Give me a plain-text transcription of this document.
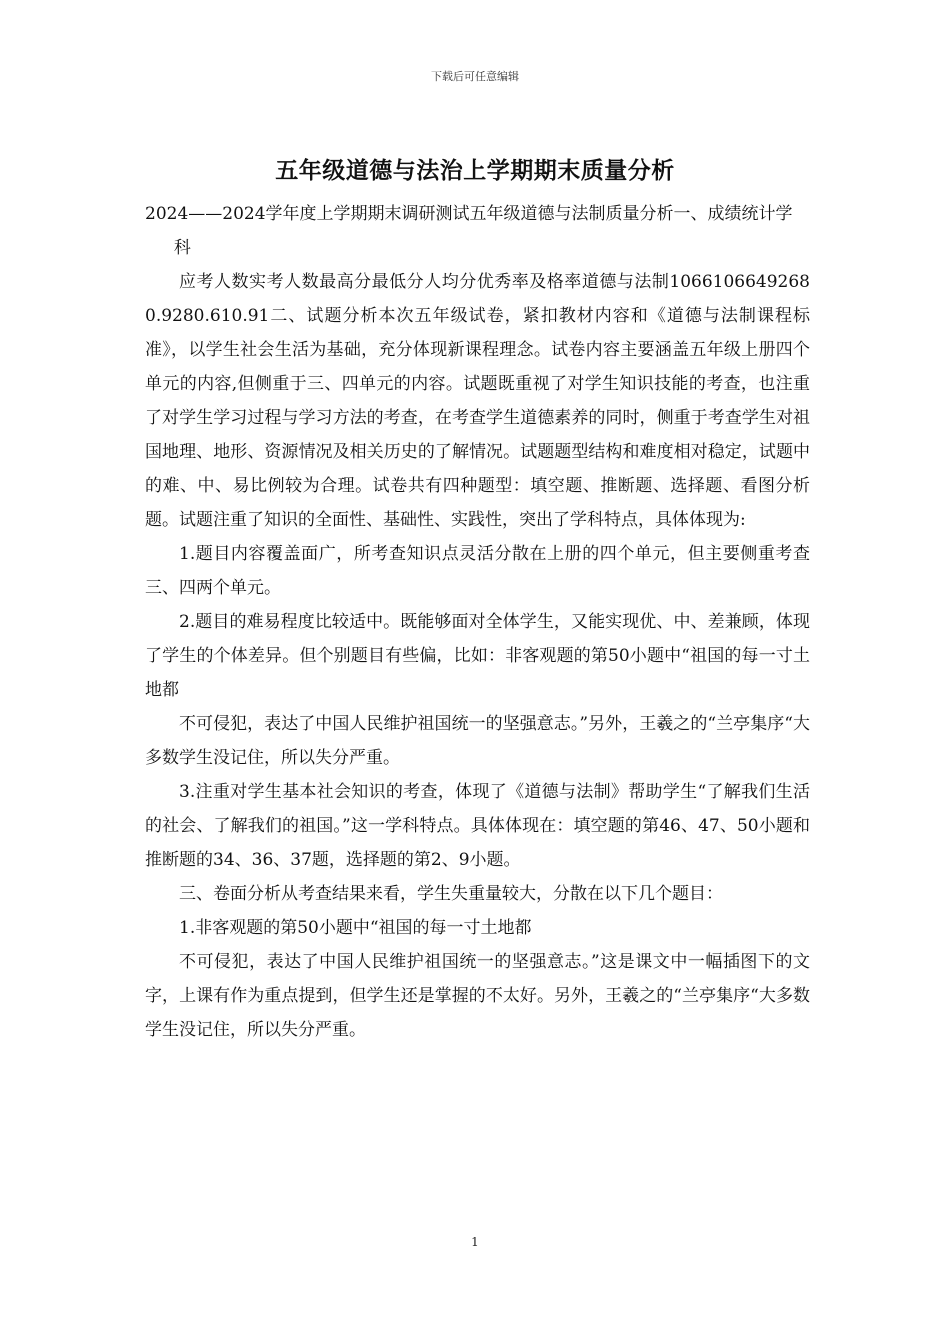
下载后可任意编辑
五年级道德与法治上学期期末质量分析

2024——2024学年度上学期期末调研测试五年级道德与法制质量分析一、成绩统计学

科

应考人数实考人数最高分最低分人均分优秀率及格率道德与法制10661066492680.9280.610.91二、试题分析本次五年级试卷，紧扣教材内容和《道德与法制课程标准》，以学生社会生活为基础，充分体现新课程理念。试卷内容主要涵盖五年级上册四个单元的内容,但侧重于三、四单元的内容。试题既重视了对学生知识技能的考查，也注重了对学生学习过程与学习方法的考查，在考查学生道德素养的同时，侧重于考查学生对祖国地理、地形、资源情况及相关历史的了解情况。试题题型结构和难度相对稳定，试题中的难、中、易比例较为合理。试卷共有四种题型：填空题、推断题、选择题、看图分析题。试题注重了知识的全面性、基础性、实践性，突出了学科特点，具体体现为:

1.题目内容覆盖面广，所考查知识点灵活分散在上册的四个单元，但主要侧重考查三、四两个单元。

2.题目的难易程度比较适中。既能够面对全体学生，又能实现优、中、差兼顾，体现了学生的个体差异。但个别题目有些偏，比如：非客观题的第50小题中“祖国的每一寸土地都

不可侵犯，表达了中国人民维护祖国统一的坚强意志。”另外，王羲之的“兰亭集序“大多数学生没记住，所以失分严重。

3.注重对学生基本社会知识的考查，体现了《道德与法制》帮助学生“了解我们生活的社会、了解我们的祖国。”这一学科特点。具体体现在：填空题的第46、47、50小题和推断题的34、36、37题，选择题的第2、9小题。

三、卷面分析从考查结果来看，学生失重量较大，分散在以下几个题目：

1.非客观题的第50小题中“祖国的每一寸土地都

不可侵犯，表达了中国人民维护祖国统一的坚强意志。”这是课文中一幅插图下的文字，上课有作为重点提到，但学生还是掌握的不太好。另外，王羲之的“兰亭集序“大多数学生没记住，所以失分严重。

1
